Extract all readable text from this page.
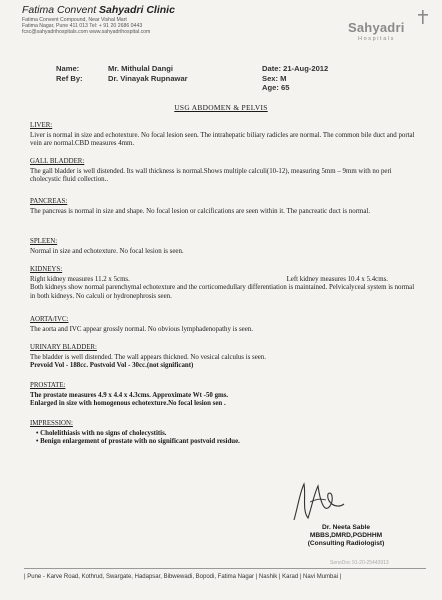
Fatima Convent Sahyadri Clinic
Fatima Convent Compound, Near Vishal Mart
Fatima Nagar, Pune 411 013 Tel: + 91 20 2686 0443
fcsc@sahyadrihospitals.com www.sahyadrihospital.com	Sahyadri
Hospitals
Name:	Mr. Mithulal Dangi
Ref By:	Dr. Vinayak Rupnawar
Date: 21-Aug-2012
Sex: M
Age: 65
USG ABDOMEN & PELVIS
LIVER:

Liver is normal in size and echotexture. No focal lesion seen. The intrahepatic biliary radicles are normal. The common bile duct and portal vein are normal.CBD measures 4mm.

GALL BLADDER:

The gall bladder is well distended. Its wall thickness is normal.Shows multiple calculi(10-12), measuring 5mm – 9mm with no peri cholecystic fluid collection..

PANCREAS:

The pancreas is normal in size and shape. No focal lesion or calcifications are seen within it. The pancreatic duct is normal.

SPLEEN:

Normal in size and echotexture. No focal lesion is seen.

KIDNEYS:
Right kidney measures 11.2 x 5cms.	Left kidney measures 10.4 x 5.4cms.

Both kidneys show normal parenchymal echotexture and the corticomedullary differentiation is maintained. Pelvicalyceal system is normal in both kidneys. No calculi or hydronephrosis seen.

AORTA/IVC:

The aorta and IVC appear grossly normal. No obvious lymphadenopathy is seen.

URINARY BLADDER:

The bladder is well distended. The wall appears thickned. No vesical calculus is seen.

Prevoid Vol - 188cc. Postvoid Vol - 30cc.(not significant)

PROSTATE:

The prostate measures 4.9 x 4.4 x 4.3cms. Approximate Wt -50 gms.

Enlarged in size with homogenous echotexture.No focal lesion sen .

IMPRESSION:
• Cholelithiasis with no signs of cholecystitis.
• Benign enlargement of prostate with no significant postvoid residue.
Dr. Neeta Sable
MBBS,DMRD,PGDHHM
(Consulting Radiologist)
SonoDoc 91-20-25443913
| Pune - Karve Road, Kothrud, Swargate, Hadapsar, Bibwewadi, Bopodi, Fatima Nagar | Nashik | Karad | Navi Mumbai |
